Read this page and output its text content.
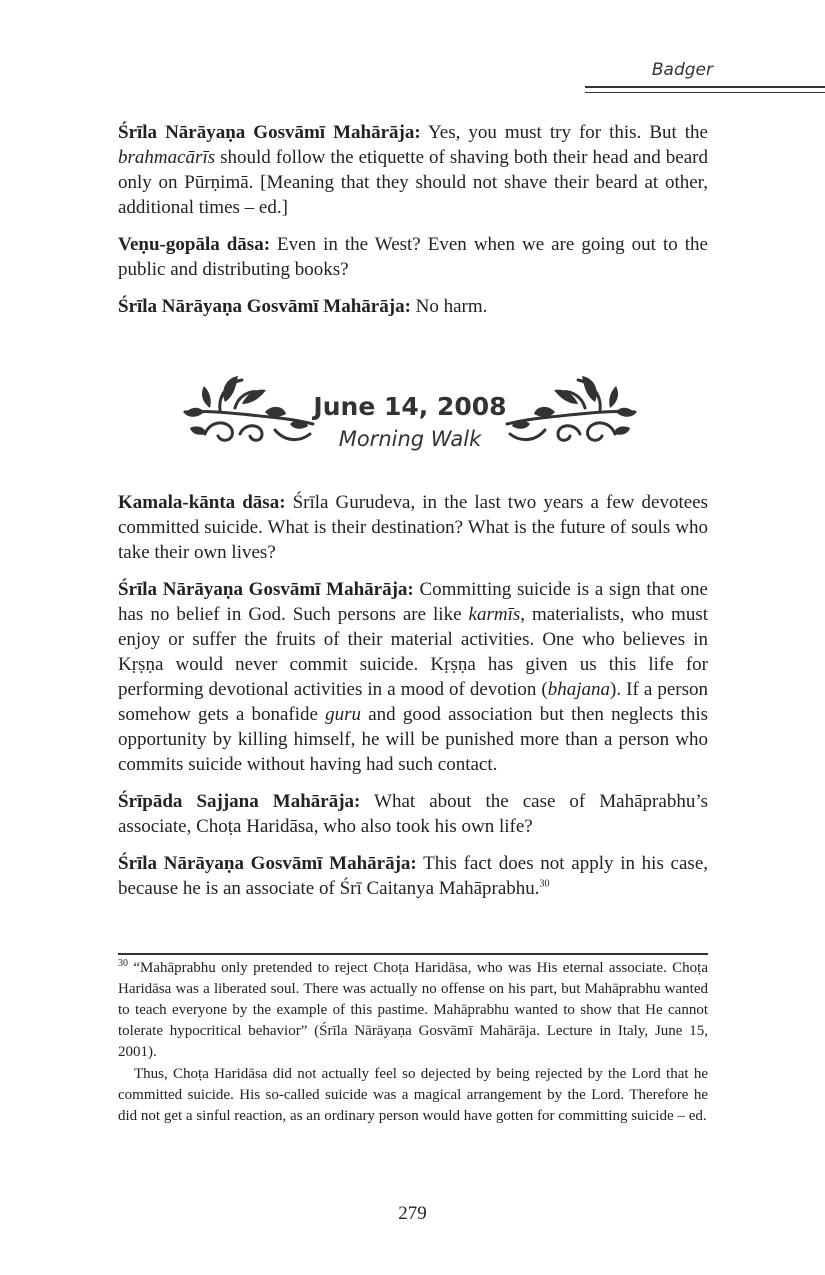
Badger

Śrīla Nārāyaṇa Gosvāmī Mahārāja: Yes, you must try for this. But the brahmacārīs should follow the etiquette of shaving both their head and beard only on Pūrṇimā. [Meaning that they should not shave their beard at other, additional times – ed.]

Veṇu-gopāla dāsa: Even in the West? Even when we are going out to the public and distributing books?

Śrīla Nārāyaṇa Gosvāmī Mahārāja: No harm.

June 14, 2008
Morning Walk

Kamala-kānta dāsa: Śrīla Gurudeva, in the last two years a few devotees committed suicide. What is their destination? What is the future of souls who take their own lives?

Śrīla Nārāyaṇa Gosvāmī Mahārāja: Committing suicide is a sign that one has no belief in God. Such persons are like karmīs, materialists, who must enjoy or suffer the fruits of their material activities. One who believes in Kṛṣṇa would never commit suicide. Kṛṣṇa has given us this life for performing devotional activities in a mood of devotion (bhajana). If a person somehow gets a bonafide guru and good association but then neglects this opportunity by killing himself, he will be punished more than a person who commits suicide without having had such contact.

Śrīpāda Sajjana Mahārāja: What about the case of Mahāprabhu’s associate, Choṭa Haridāsa, who also took his own life?

Śrīla Nārāyaṇa Gosvāmī Mahārāja: This fact does not apply in his case, because he is an associate of Śrī Caitanya Mahāprabhu.$^{30}$

$^{30}$ “Mahāprabhu only pretended to reject Choṭa Haridāsa, who was His eternal associate. Choṭa Haridāsa was a liberated soul. There was actually no offense on his part, but Mahāprabhu wanted to teach everyone by the example of this pastime. Mahāprabhu wanted to show that He cannot tolerate hypocritical behavior” (Śrīla Nārāyaṇa Gosvāmī Mahārāja. Lecture in Italy, June 15, 2001).

Thus, Choṭa Haridāsa did not actually feel so dejected by being rejected by the Lord that he committed suicide. His so-called suicide was a magical arrangement by the Lord. Therefore he did not get a sinful reaction, as an ordinary person would have gotten for committing suicide – ed.

279
